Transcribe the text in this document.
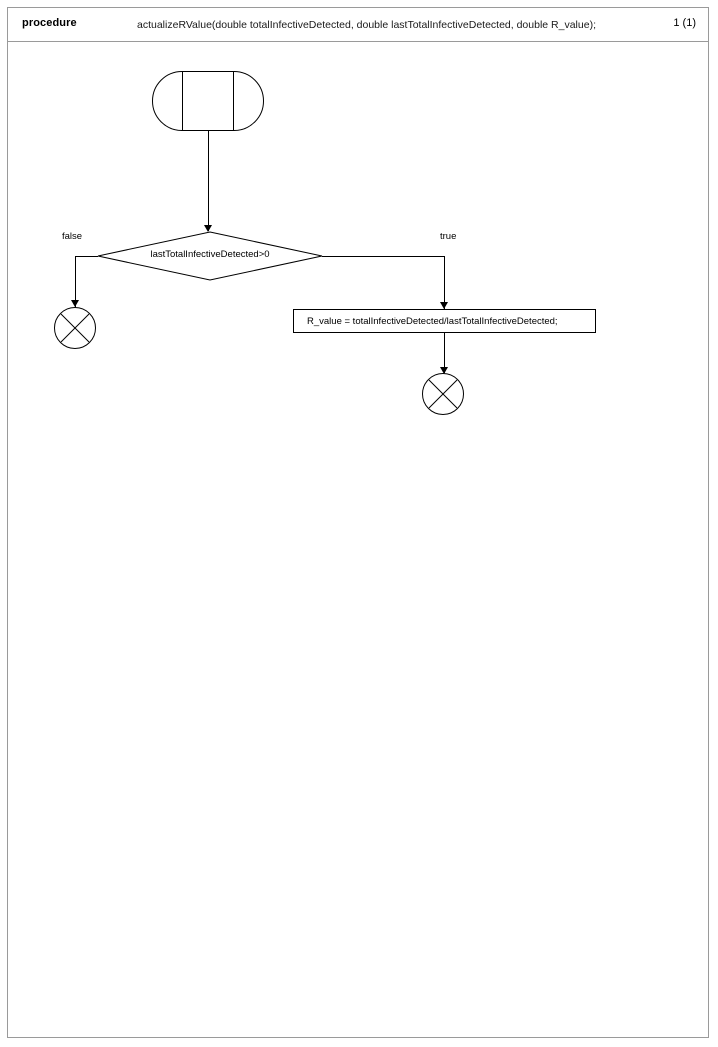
procedure	actualizeRValue(double totalInfectiveDetected, double lastTotalInfectiveDetected, double R_value);	1 (1)
lastTotalInfectiveDetected>0
false	true
R_value = totalInfectiveDetected/lastTotalInfectiveDetected;
